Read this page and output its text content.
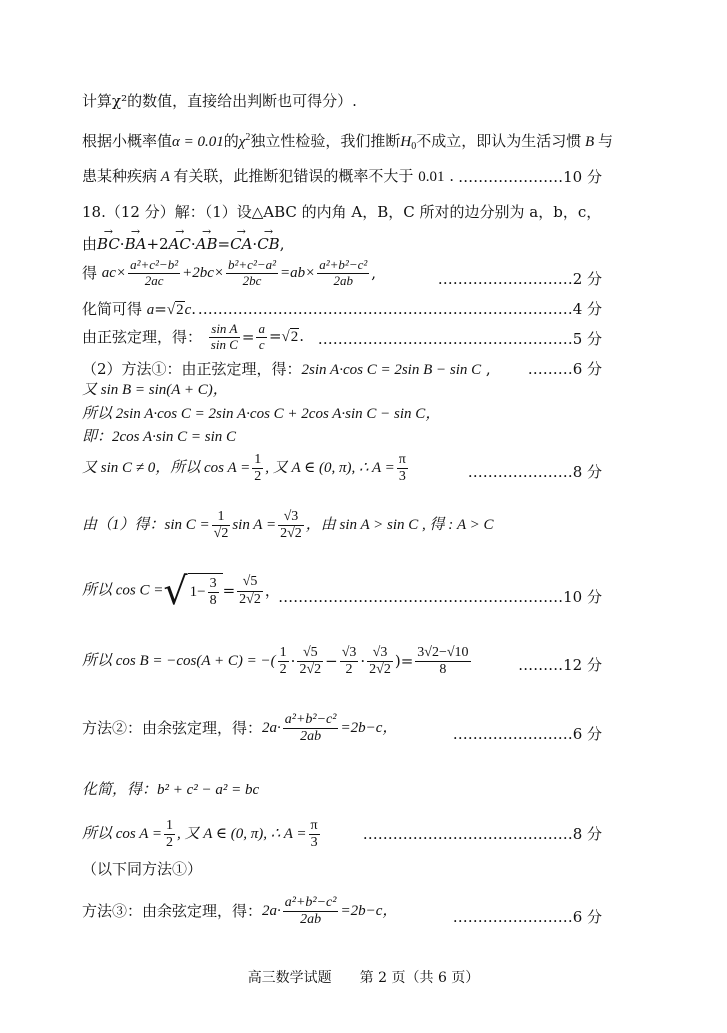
计算χ²的数值，直接给出判断也可得分）.
根据小概率值α = 0.01的$\chi^2$独立性检验，我们推断$H_0$不成立，即认为生活习惯 B 与
患某种疾病 A 有关联，此推断犯错误的概率不大于 0.01 . …………………10 分
18.（12 分）解：（1）设△ABC 的内角 A，B，C 所对的边分别为 a，b，c，
由→ BC·→ BA+2→ AC·→ AB=→ CA·→ CB,
得 $ac\times \frac{\text{a²+c²−b²}}{2ac} +2bc\times \frac{\text{b²+c²−a²}}{2bc} =ab\times \frac{\text{a²+b²−c²}}{2ab}$ ,	………………………2 分
化简可得 a=√2c. …………………………………………………………………4 分
由正弦定理，得： $\frac{\text{sin A}}{\text{sin C}} = \frac{a}{c} =√2$. ……………………………………………5 分
（2）方法①：由正弦定理，得：2sin A·cos C = 2sin B − sin C , ………6 分
又 sin B = sin(A + C)，
所以 2sin A·cos C = 2sin A·cos C + 2cos A·sin C − sin C，
即：2cos A·sin C = sin C
又 sin C ≠ 0，所以 $\cos A = \frac{1}{2}$ , 又 A ∈ (0, π), ∴ $A = \frac{\pi}{3}$	…………………8 分
由（1）得：$\sin C = \frac{1}{√2}$ $\sin A = \frac{√3}{2√2}$ ，由 sin A > sin C , 得 : A > C
所以 cos C =√ $1- \frac{3}{8} = \frac{√5}{2√2}$ ，
…………………………………………………10 分
所以 cos B = −cos(A + C) = −( $\frac{1}{2} \cdot \frac{√5}{2√2} - \frac{√3}{2} \cdot \frac{√3}{2√2}$ )= $\frac{3√2-√10}{8}$	………12 分
方法②：由余弦定理，得：$2a\cdot \frac{\text{a²+b²−c²}}{2ab} =2b-c$，	……………………6 分
化简，得：b² + c² − a² = bc
所以 $\cos A = \frac{1}{2}$ , 又 A ∈ (0, π), ∴ $A = \frac{\pi}{3}$	……………………………………8 分
（以下同方法①）
方法③：由余弦定理，得：$2a\cdot \frac{\text{a²+b²−c²}}{2ab} =2b-c$，	……………………6 分
高三数学试题　　第 2 页（共 6 页）
